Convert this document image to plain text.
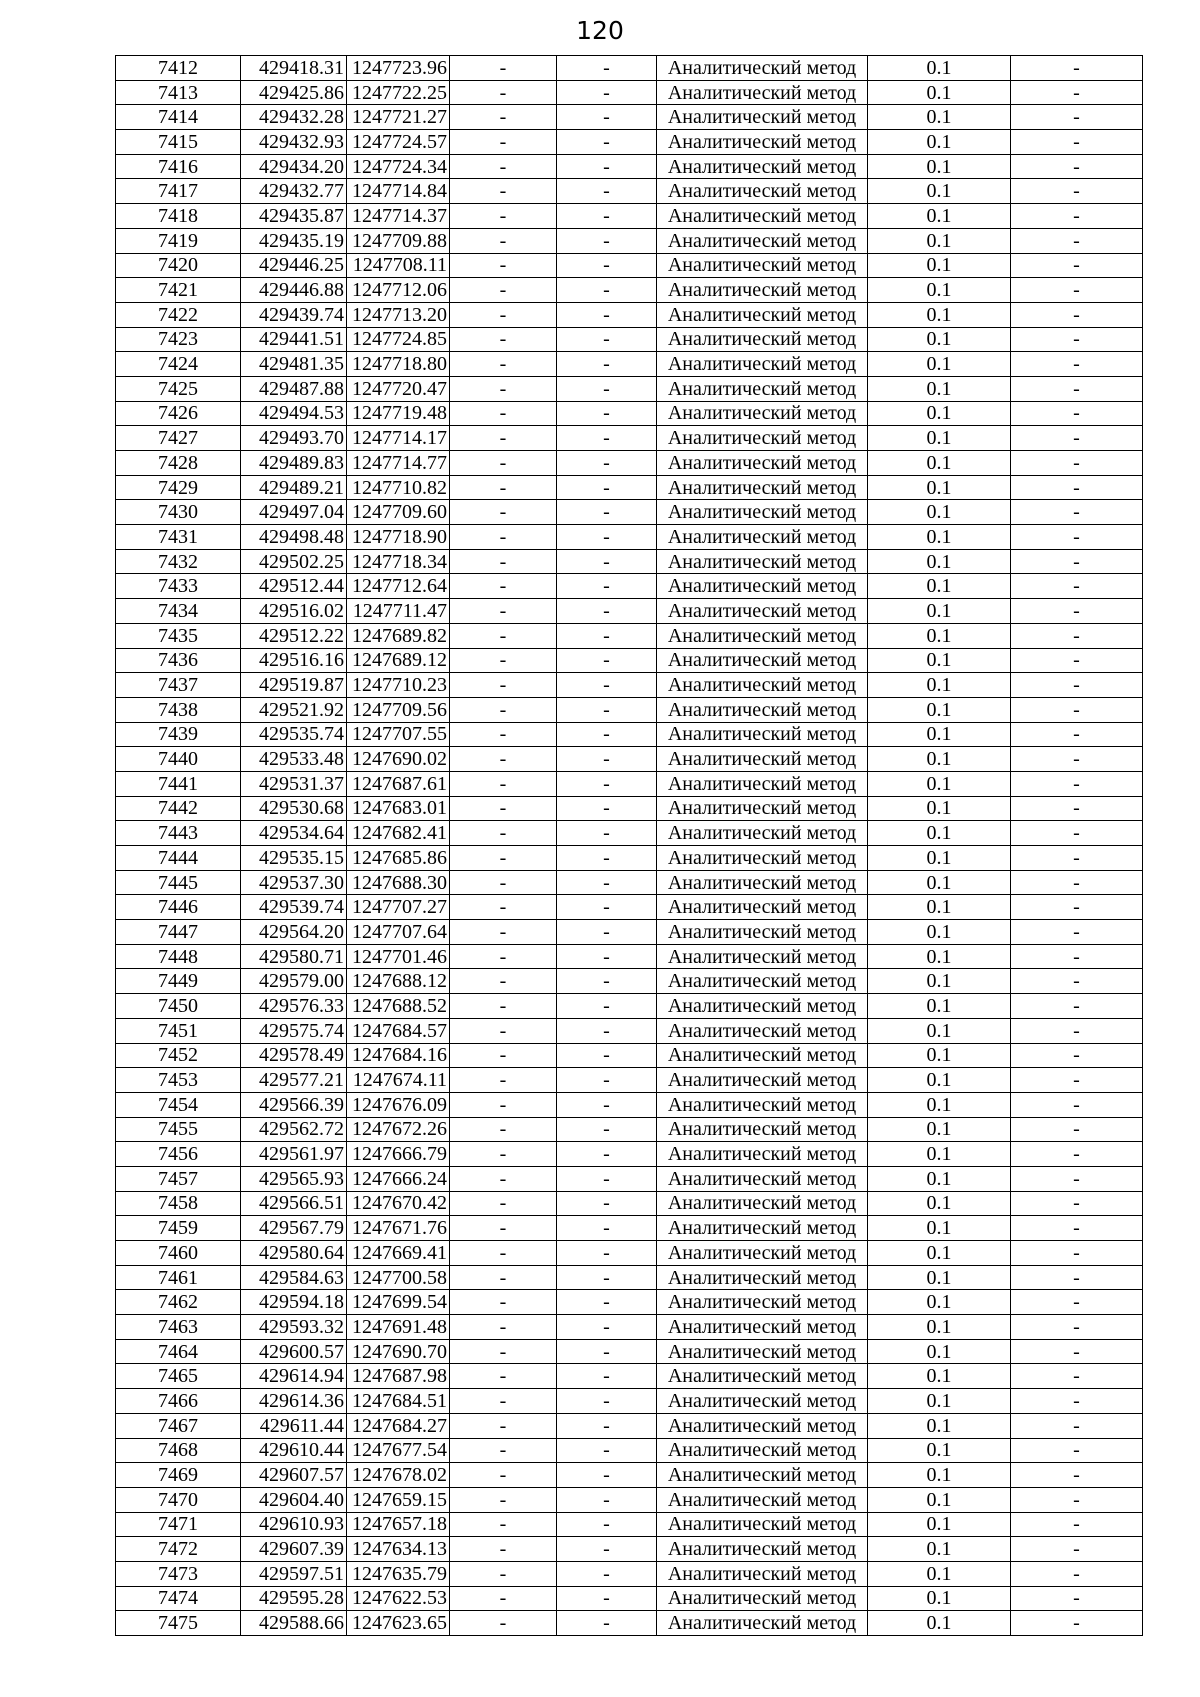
120
7412	429418.31	1247723.96	-	-	Аналитический метод	0.1	-
7413	429425.86	1247722.25	-	-	Аналитический метод	0.1	-
7414	429432.28	1247721.27	-	-	Аналитический метод	0.1	-
7415	429432.93	1247724.57	-	-	Аналитический метод	0.1	-
7416	429434.20	1247724.34	-	-	Аналитический метод	0.1	-
7417	429432.77	1247714.84	-	-	Аналитический метод	0.1	-
7418	429435.87	1247714.37	-	-	Аналитический метод	0.1	-
7419	429435.19	1247709.88	-	-	Аналитический метод	0.1	-
7420	429446.25	1247708.11	-	-	Аналитический метод	0.1	-
7421	429446.88	1247712.06	-	-	Аналитический метод	0.1	-
7422	429439.74	1247713.20	-	-	Аналитический метод	0.1	-
7423	429441.51	1247724.85	-	-	Аналитический метод	0.1	-
7424	429481.35	1247718.80	-	-	Аналитический метод	0.1	-
7425	429487.88	1247720.47	-	-	Аналитический метод	0.1	-
7426	429494.53	1247719.48	-	-	Аналитический метод	0.1	-
7427	429493.70	1247714.17	-	-	Аналитический метод	0.1	-
7428	429489.83	1247714.77	-	-	Аналитический метод	0.1	-
7429	429489.21	1247710.82	-	-	Аналитический метод	0.1	-
7430	429497.04	1247709.60	-	-	Аналитический метод	0.1	-
7431	429498.48	1247718.90	-	-	Аналитический метод	0.1	-
7432	429502.25	1247718.34	-	-	Аналитический метод	0.1	-
7433	429512.44	1247712.64	-	-	Аналитический метод	0.1	-
7434	429516.02	1247711.47	-	-	Аналитический метод	0.1	-
7435	429512.22	1247689.82	-	-	Аналитический метод	0.1	-
7436	429516.16	1247689.12	-	-	Аналитический метод	0.1	-
7437	429519.87	1247710.23	-	-	Аналитический метод	0.1	-
7438	429521.92	1247709.56	-	-	Аналитический метод	0.1	-
7439	429535.74	1247707.55	-	-	Аналитический метод	0.1	-
7440	429533.48	1247690.02	-	-	Аналитический метод	0.1	-
7441	429531.37	1247687.61	-	-	Аналитический метод	0.1	-
7442	429530.68	1247683.01	-	-	Аналитический метод	0.1	-
7443	429534.64	1247682.41	-	-	Аналитический метод	0.1	-
7444	429535.15	1247685.86	-	-	Аналитический метод	0.1	-
7445	429537.30	1247688.30	-	-	Аналитический метод	0.1	-
7446	429539.74	1247707.27	-	-	Аналитический метод	0.1	-
7447	429564.20	1247707.64	-	-	Аналитический метод	0.1	-
7448	429580.71	1247701.46	-	-	Аналитический метод	0.1	-
7449	429579.00	1247688.12	-	-	Аналитический метод	0.1	-
7450	429576.33	1247688.52	-	-	Аналитический метод	0.1	-
7451	429575.74	1247684.57	-	-	Аналитический метод	0.1	-
7452	429578.49	1247684.16	-	-	Аналитический метод	0.1	-
7453	429577.21	1247674.11	-	-	Аналитический метод	0.1	-
7454	429566.39	1247676.09	-	-	Аналитический метод	0.1	-
7455	429562.72	1247672.26	-	-	Аналитический метод	0.1	-
7456	429561.97	1247666.79	-	-	Аналитический метод	0.1	-
7457	429565.93	1247666.24	-	-	Аналитический метод	0.1	-
7458	429566.51	1247670.42	-	-	Аналитический метод	0.1	-
7459	429567.79	1247671.76	-	-	Аналитический метод	0.1	-
7460	429580.64	1247669.41	-	-	Аналитический метод	0.1	-
7461	429584.63	1247700.58	-	-	Аналитический метод	0.1	-
7462	429594.18	1247699.54	-	-	Аналитический метод	0.1	-
7463	429593.32	1247691.48	-	-	Аналитический метод	0.1	-
7464	429600.57	1247690.70	-	-	Аналитический метод	0.1	-
7465	429614.94	1247687.98	-	-	Аналитический метод	0.1	-
7466	429614.36	1247684.51	-	-	Аналитический метод	0.1	-
7467	429611.44	1247684.27	-	-	Аналитический метод	0.1	-
7468	429610.44	1247677.54	-	-	Аналитический метод	0.1	-
7469	429607.57	1247678.02	-	-	Аналитический метод	0.1	-
7470	429604.40	1247659.15	-	-	Аналитический метод	0.1	-
7471	429610.93	1247657.18	-	-	Аналитический метод	0.1	-
7472	429607.39	1247634.13	-	-	Аналитический метод	0.1	-
7473	429597.51	1247635.79	-	-	Аналитический метод	0.1	-
7474	429595.28	1247622.53	-	-	Аналитический метод	0.1	-
7475	429588.66	1247623.65	-	-	Аналитический метод	0.1	-
